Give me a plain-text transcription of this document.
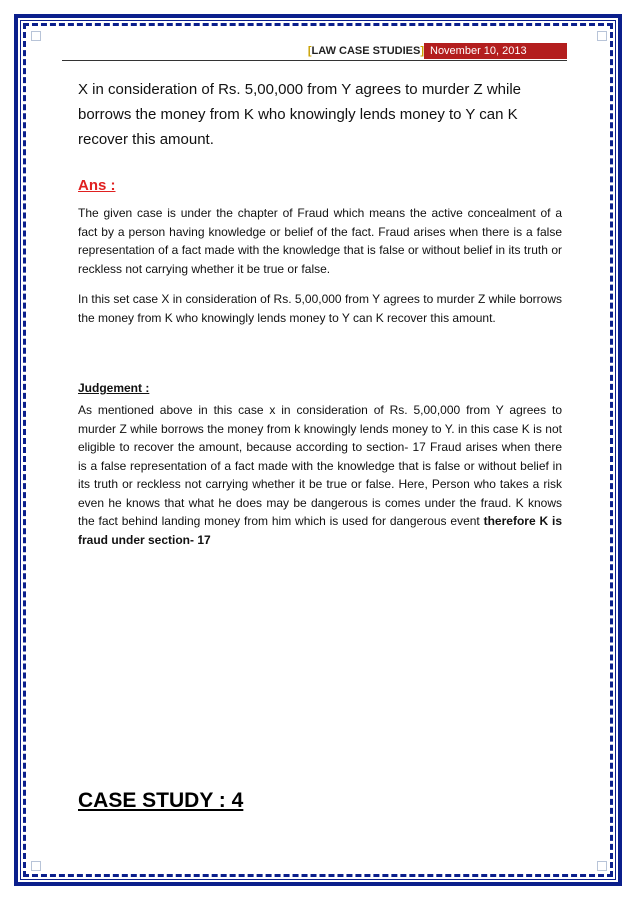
[LAW CASE STUDIES] November 10, 2013

X in consideration of Rs. 5,00,000 from Y agrees to murder Z while borrows the money from K who knowingly lends money to Y can K recover this amount.

Ans :

The given case is under the chapter of Fraud which means the active concealment of a fact by a person having knowledge or belief of the fact. Fraud arises when there is a false representation of a fact made with the knowledge that is false or without belief in its truth or reckless not carrying whether it be true or false.

In this set case X in consideration of Rs. 5,00,000 from Y agrees to murder Z while borrows the money from K who knowingly lends money to Y can K recover this amount.

Judgement :

As mentioned above in this case x in consideration of Rs. 5,00,000 from Y agrees to murder Z while borrows the money from k knowingly lends money to Y. in this case K is not eligible to recover the amount, because according to section- 17 Fraud arises when there is a false representation of a fact made with the knowledge that is false or without belief in its truth or reckless not carrying whether it be true or false. Here, Person who takes a risk even he knows that what he does may be dangerous is comes under the fraud. K knows the fact behind landing money from him which is used for dangerous event therefore K is fraud under section- 17

CASE STUDY : 4
